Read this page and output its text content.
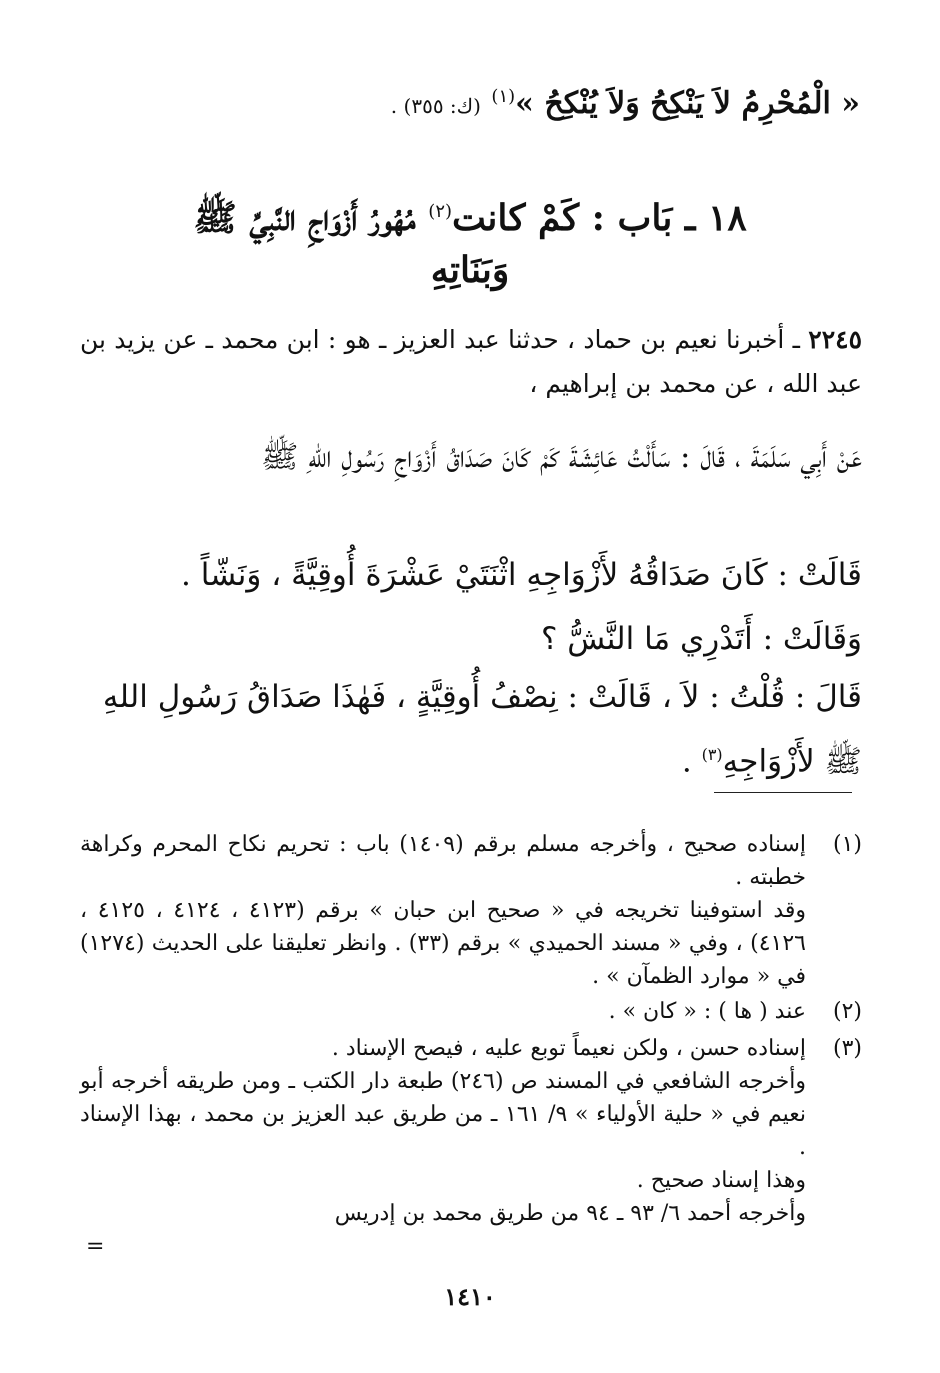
« الْمُحْرِمُ لاَ يَنْكِحُ وَلاَ يُنْكِحُ »$^{(١)}$ (ك: ٣٥٥) .
١٨ ـ بَاب : كَمْ كانت$^{(٢)}$ مُهُورُ أَزْوَاجِ النَّبِيِّ ﷺ
وَبَنَاتِهِ
٢٢٤٥ ـ أخبرنا نعيم بن حماد ، حدثنا عبد العزيز ـ هو : ابن محمد ـ عن يزيد بن عبد الله ، عن محمد بن إبراهيم ،
عَنْ أَبِي سَلَمَةَ ، قَالَ : سَأَلْتُ عَائِشَةَ كَمْ كَانَ صَدَاقُ أَزْوَاجِ رَسُولِ اللهِ ﷺ
قَالَتْ : كَانَ صَدَاقُهُ لأَزْوَاجِهِ اثْنَتَيْ عَشْرَةَ أُوقِيَّةً ، وَنَشّاً .
وَقَالَتْ : أَتَدْرِي مَا النَّشُّ ؟
قَالَ : قُلْتُ : لاَ ، قَالَتْ : نِصْفُ أُوقِيَّةٍ ، فَهٰذَا صَدَاقُ رَسُولِ اللهِ ﷺ لأَزْوَاجِهِ$^{(٣)}$ .
(١)

إسناده صحيح ، وأخرجه مسلم برقم (١٤٠٩) باب : تحريم نكاح المحرم وكراهة خطبته .

وقد استوفينا تخريجه في « صحيح ابن حبان » برقم (٤١٢٣ ، ٤١٢٤ ، ٤١٢٥ ، ٤١٢٦) ، وفي « مسند الحميدي » برقم (٣٣) . وانظر تعليقنا على الحديث (١٢٧٤) في « موارد الظمآن » .

(٢)

عند ( ها ) : « كان » .

(٣)

إسناده حسن ، ولكن نعيماً توبع عليه ، فيصح الإسناد .

وأخرجه الشافعي في المسند ص (٢٤٦) طبعة دار الكتب ـ ومن طريقه أخرجه أبو نعيم في « حلية الأولياء » ٩/ ١٦١ ـ من طريق عبد العزيز بن محمد ، بهذا الإسناد .

وهذا إسناد صحيح .

وأخرجه أحمد ٦/ ٩٣ ـ ٩٤ من طريق محمد بن إدريس

=
١٤١٠
